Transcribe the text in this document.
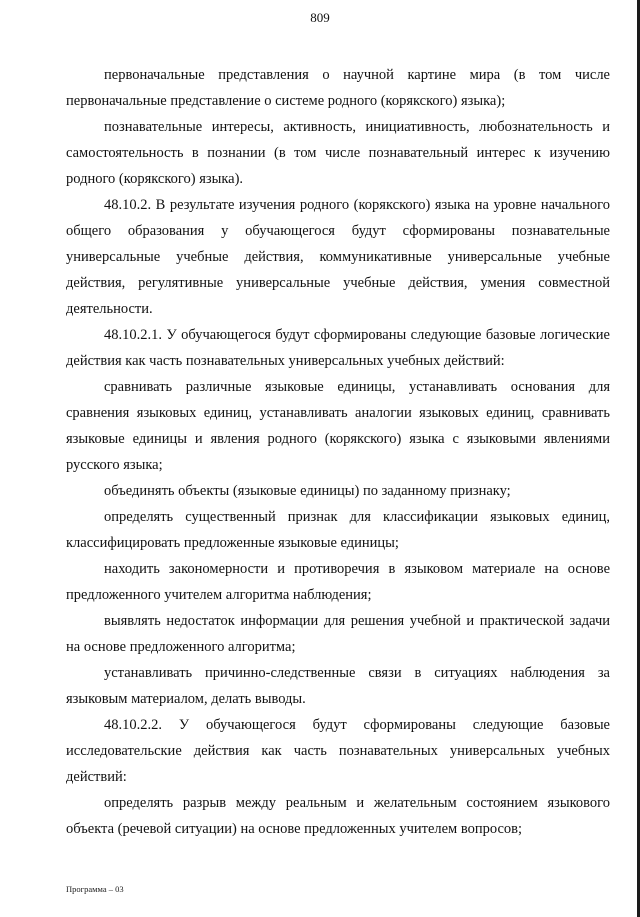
809

первоначальные представления о научной картине мира (в том числе первоначальные представление о системе родного (корякского) языка);

познавательные интересы, активность, инициативность, любознательность и самостоятельность в познании (в том числе познавательный интерес к изучению родного (корякского) языка).

48.10.2. В результате изучения родного (корякского) языка на уровне начального общего образования у обучающегося будут сформированы познавательные универсальные учебные действия, коммуникативные универсальные учебные действия, регулятивные универсальные учебные действия, умения совместной деятельности.

48.10.2.1. У обучающегося будут сформированы следующие базовые логические действия как часть познавательных универсальных учебных действий:

сравнивать различные языковые единицы, устанавливать основания для сравнения языковых единиц, устанавливать аналогии языковых единиц, сравнивать языковые единицы и явления родного (корякского) языка с языковыми явлениями русского языка;

объединять объекты (языковые единицы) по заданному признаку;

определять существенный признак для классификации языковых единиц, классифицировать предложенные языковые единицы;

находить закономерности и противоречия в языковом материале на основе предложенного учителем алгоритма наблюдения;

выявлять недостаток информации для решения учебной и практической задачи на основе предложенного алгоритма;

устанавливать причинно-следственные связи в ситуациях наблюдения за языковым материалом, делать выводы.

48.10.2.2. У обучающегося будут сформированы следующие базовые исследовательские действия как часть познавательных универсальных учебных действий:

определять разрыв между реальным и желательным состоянием языкового объекта (речевой ситуации) на основе предложенных учителем вопросов;

Программа – 03
